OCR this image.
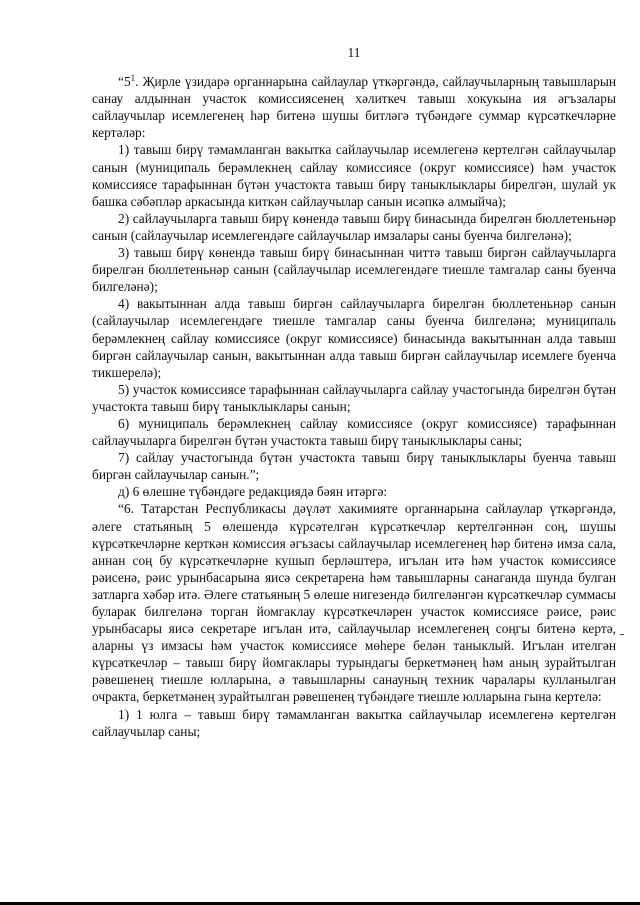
11

“$5^1$. Җирле үзидарә органнарына сайлаулар үткәргәндә, сайлаучыларның тавышларын санау алдыннан участок комиссиясенең хәлиткеч тавыш хокукына ия әгъзалары сайлаучылар исемлегенең һәр битенә шушы битләгә түбәндәге суммар күрсәткечләрне кертәләр:

1) тавыш бирү тәмамланган вакытка сайлаучылар исемлегенә кертелгән сайлаучылар санын (муниципаль берәмлекнең сайлау комиссиясе (округ комиссиясе) һәм участок комиссиясе тарафыннан бүтән участокта тавыш бирү таныклыклары бирелгән, шулай ук башка сәбәпләр аркасында киткән сайлаучылар санын исәпкә алмыйча);

2) сайлаучыларга тавыш бирү көнендә тавыш бирү бинасында бирелгән бюллетеньнәр санын (сайлаучылар исемлегендәге сайлаучылар имзалары саны буенча билгеләнә);

3) тавыш бирү көнендә тавыш бирү бинасыннан читтә тавыш биргән сайлаучыларга бирелгән бюллетеньнәр санын (сайлаучылар исемлегендәге тиешле тамгалар саны буенча билгеләнә);

4) вакытыннан алда тавыш биргән сайлаучыларга бирелгән бюллетеньнәр санын (сайлаучылар исемлегендәге тиешле тамгалар саны буенча билгеләнә; муниципаль берәмлекнең сайлау комиссиясе (округ комиссиясе) бинасында вакытыннан алда тавыш биргән сайлаучылар санын, вакытыннан алда тавыш биргән сайлаучылар исемлеге буенча тикшерелә);

5) участок комиссиясе тарафыннан сайлаучыларга сайлау участогында бирелгән бүтән участокта тавыш бирү таныклыклары санын;

6) муниципаль берәмлекнең сайлау комиссиясе (округ комиссиясе) тарафыннан сайлаучыларга бирелгән бүтән участокта тавыш бирү таныклыклары саны;

7) сайлау участогында бүтән участокта тавыш бирү таныклыклары буенча тавыш биргән сайлаучылар санын.”;

д) 6 өлешне түбәндәге редакциядә бәян итәргә:

“6. Татарстан Республикасы дәүләт хакимияте органнарына сайлаулар үткәргәндә, әлеге статьяның 5 өлешендә күрсәтелгән күрсәткечләр кертелгәннән соң, шушы күрсәткечләрне керткән комиссия әгъзасы сайлаучылар исемлегенең һәр битенә имза сала, аннан соң бу күрсәткечләрне кушып берләштерә, игълан итә һәм участок комиссиясе рәисенә, рәис урынбасарына яисә секретарена һәм тавышларны санаганда шунда булган затларга хәбәр итә. Әлеге статьяның 5 өлеше нигезендә билгеләнгән күрсәткечләр суммасы буларак билгеләнә торган йомгаклау күрсәткечләрен участок комиссиясе рәисе, рәис урынбасары яисә секретаре игълан итә, сайлаучылар исемлегенең соңгы битенә кертә, аларны үз имзасы һәм участок комиссиясе мөһере белән таныклый. Игълан ителгән күрсәткечләр – тавыш бирү йомгаклары турындагы беркетмәнең һәм аның зурайтылган рәвешенең тиешле юлларына, ә тавышларны санауның техник чаралары кулланылган очракта, беркетмәнең зурайтылган рәвешенең түбәндәге тиешле юлларына гына кертелә:

1) 1 юлга – тавыш бирү тәмамланган вакытка сайлаучылар исемлегенә кертелгән сайлаучылар саны;
